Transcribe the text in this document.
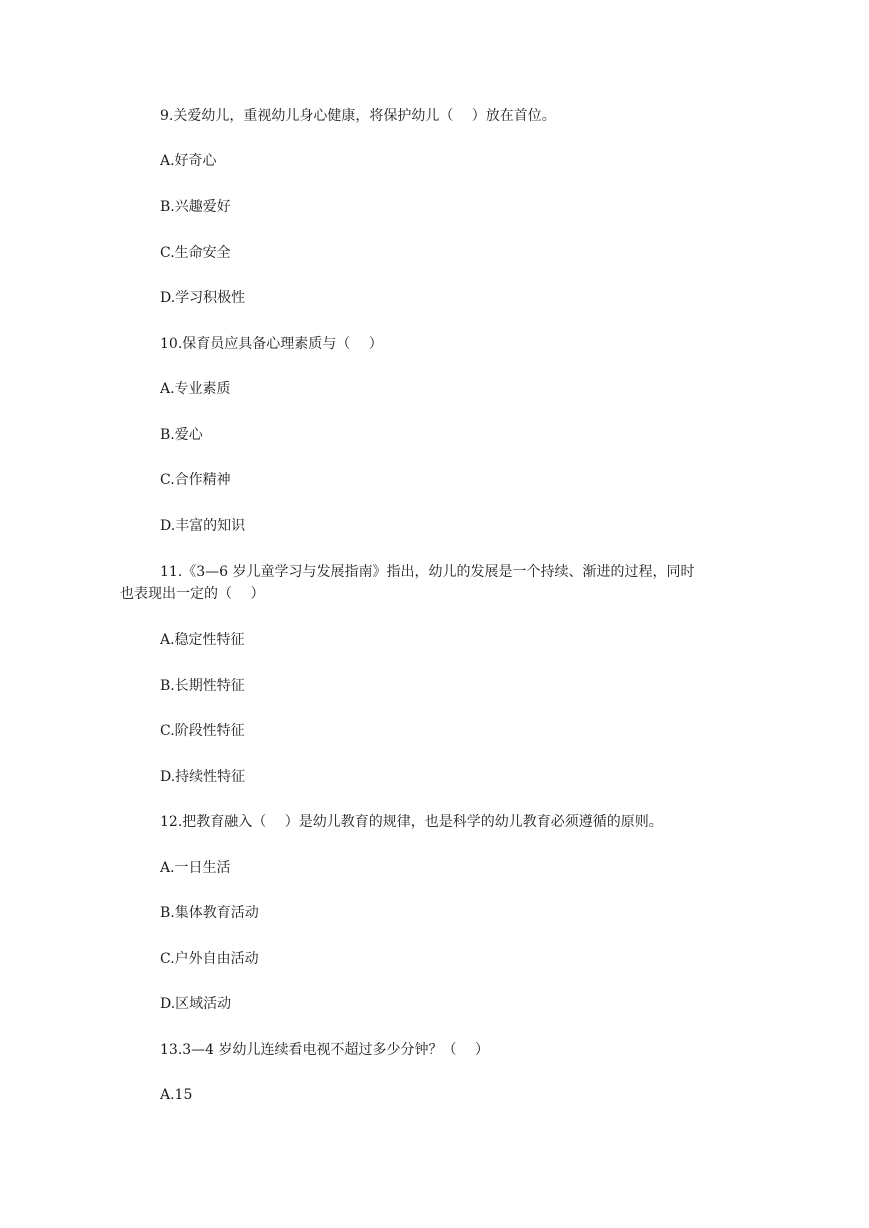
9.关爱幼儿，重视幼儿身心健康，将保护幼儿（　 ）放在首位。
A.好奇心
B.兴趣爱好
C.生命安全
D.学习积极性
10.保育员应具备心理素质与（　 ）
A.专业素质
B.爱心
C.合作精神
D.丰富的知识
11.《3—6 岁儿童学习与发展指南》指出，幼儿的发展是一个持续、渐进的过程，同时
也表现出一定的（　 ）
A.稳定性特征
B.长期性特征
C.阶段性特征
D.持续性特征
12.把教育融入（　 ）是幼儿教育的规律，也是科学的幼儿教育必须遵循的原则。
A.一日生活
B.集体教育活动
C.户外自由活动
D.区域活动
13.3—4 岁幼儿连续看电视不超过多少分钟？（　 ）
A.15
